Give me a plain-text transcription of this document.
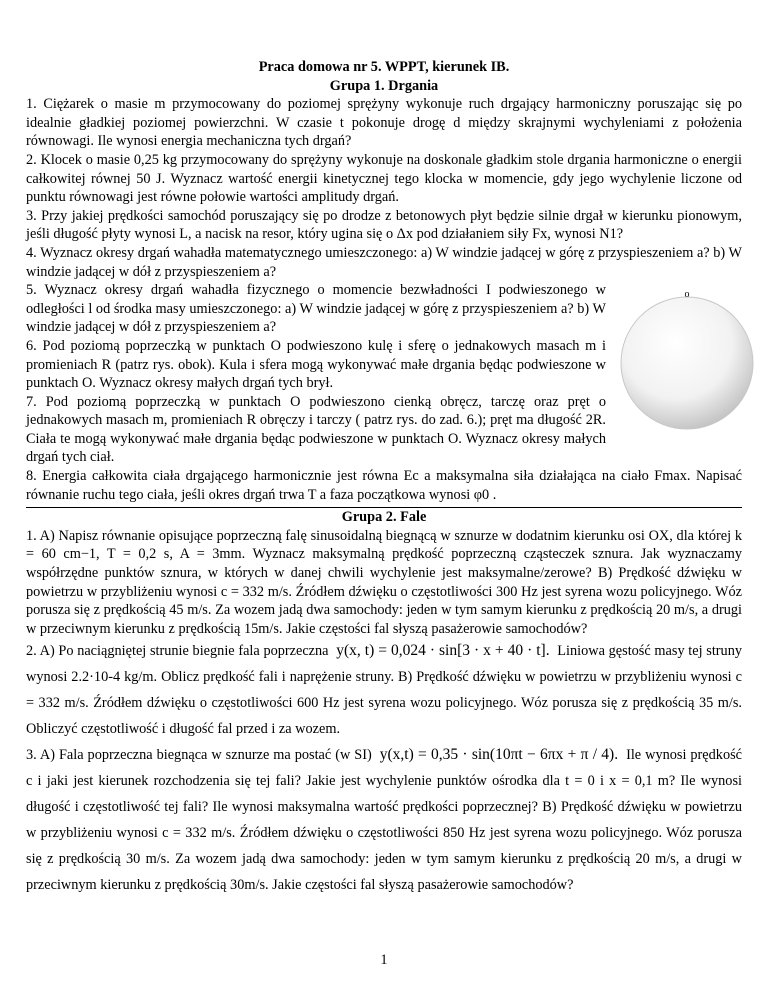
Praca domowa nr 5. WPPT, kierunek IB.
Grupa 1. Drgania

1. Ciężarek o masie m przymocowany do poziomej sprężyny wykonuje ruch drgający harmoniczny poruszając się po idealnie gładkiej poziomej powierzchni. W czasie t pokonuje drogę d między skrajnymi wychyleniami z położenia równowagi. Ile wynosi energia mechaniczna tych drgań?

2. Klocek o masie 0,25 kg przymocowany do sprężyny wykonuje na doskonale gładkim stole drgania harmoniczne o energii całkowitej równej 50 J. Wyznacz wartość energii kinetycznej tego klocka w momencie, gdy jego wychylenie liczone od punktu równowagi jest równe połowie wartości amplitudy drgań.

3. Przy jakiej prędkości samochód poruszający się po drodze z betonowych płyt będzie silnie drgał w kierunku pionowym, jeśli długość płyty wynosi L, a nacisk na resor, który ugina się o Δx pod działaniem siły Fx, wynosi N1?

4. Wyznacz okresy drgań wahadła matematycznego umieszczonego: a) W windzie jadącej w górę z przyspieszeniem a? b) W windzie jadącej w dół z przyspieszeniem a?

o

5. Wyznacz okresy drgań wahadła fizycznego o momencie bezwładności I podwieszonego w odległości l od środka masy umieszczonego: a) W windzie jadącej w górę z przyspieszeniem a? b) W windzie jadącej w dół z przyspieszeniem a?

6. Pod poziomą poprzeczką w punktach O podwieszono kulę i sferę o jednakowych masach m i promieniach R (patrz rys. obok). Kula i sfera mogą wykonywać małe drgania będąc podwieszone w punktach O. Wyznacz okresy małych drgań tych brył.

7. Pod poziomą poprzeczką w punktach O podwieszono cienką obręcz, tarczę oraz pręt o jednakowych masach m, promieniach R obręczy i tarczy ( patrz rys. do zad. 6.); pręt ma długość 2R. Ciała te mogą wykonywać małe drgania będąc podwieszone w punktach O. Wyznacz okresy małych drgań tych ciał.

8. Energia całkowita ciała drgającego harmonicznie jest równa Ec a maksymalna siła działająca na ciało Fmax. Napisać równanie ruchu tego ciała, jeśli okres drgań trwa T a faza początkowa wynosi φ0 .

Grupa 2. Fale

1. A) Napisz równanie opisujące poprzeczną falę sinusoidalną biegnącą w sznurze w dodatnim kierunku osi OX, dla której k = 60 cm−1, T = 0,2 s, A = 3mm. Wyznacz maksymalną prędkość poprzeczną cząsteczek sznura. Jak wyznaczamy współrzędne punktów sznura, w których w danej chwili wychylenie jest maksymalne/zerowe? B) Prędkość dźwięku w powietrzu w przybliżeniu wynosi c = 332 m/s. Źródłem dźwięku o częstotliwości 300 Hz jest syrena wozu policyjnego. Wóz porusza się z prędkością 45 m/s. Za wozem jadą dwa samochody: jeden w tym samym kierunku z prędkością 20 m/s, a drugi w przeciwnym kierunku z prędkością 15m/s. Jakie częstości fal słyszą pasażerowie samochodów?

2. A) Po naciągniętej strunie biegnie fala poprzeczna y(x, t) = 0,024 · sin[3 · x + 40 · t]. Liniowa gęstość masy tej struny wynosi 2.2·10-4 kg/m. Oblicz prędkość fali i naprężenie struny. B) Prędkość dźwięku w powietrzu w przybliżeniu wynosi c = 332 m/s. Źródłem dźwięku o częstotliwości 600 Hz jest syrena wozu policyjnego. Wóz porusza się z prędkością 35 m/s. Obliczyć częstotliwość i długość fal przed i za wozem.

3. A) Fala poprzeczna biegnąca w sznurze ma postać (w SI) y(x,t) = 0,35 · sin(10πt − 6πx + π / 4). Ile wynosi prędkość c i jaki jest kierunek rozchodzenia się tej fali? Jakie jest wychylenie punktów ośrodka dla t = 0 i x = 0,1 m? Ile wynosi długość i częstotliwość tej fali? Ile wynosi maksymalna wartość prędkości poprzecznej? B) Prędkość dźwięku w powietrzu w przybliżeniu wynosi c = 332 m/s. Źródłem dźwięku o częstotliwości 850 Hz jest syrena wozu policyjnego. Wóz porusza się z prędkością 30 m/s. Za wozem jadą dwa samochody: jeden w tym samym kierunku z prędkością 20 m/s, a drugi w przeciwnym kierunku z prędkością 30m/s. Jakie częstości fal słyszą pasażerowie samochodów?

1
